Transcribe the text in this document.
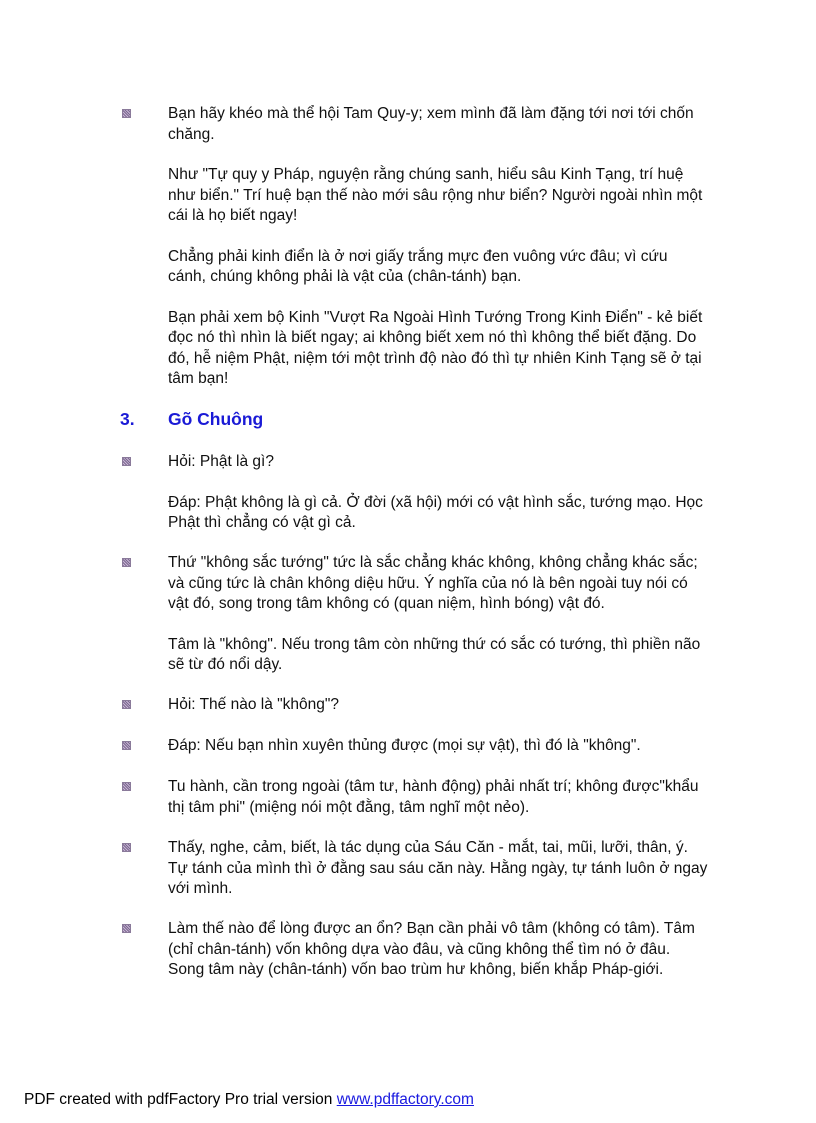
Bạn hãy khéo mà thể hội Tam Quy-y; xem mình đã làm đặng tới nơi tới chốn chăng.

Như "Tự quy y Pháp, nguyện rằng chúng sanh, hiểu sâu Kinh Tạng, trí huệ như biển." Trí huệ bạn thế nào mới sâu rộng như biển? Người ngoài nhìn một cái là họ biết ngay!

Chẳng phải kinh điển là ở nơi giấy trắng mực đen vuông vức đâu; vì cứu cánh, chúng không phải là vật của (chân-tánh) bạn.

Bạn phải xem bộ Kinh "Vượt Ra Ngoài Hình Tướng Trong Kinh Điển" - kẻ biết đọc nó thì nhìn là biết ngay; ai không biết xem nó thì không thể biết đặng. Do đó, hễ niệm Phật, niệm tới một trình độ nào đó thì tự nhiên Kinh Tạng sẽ ở tại tâm bạn!

3. Gõ Chuông

Hỏi: Phật là gì?

Đáp: Phật không là gì cả. Ở đời (xã hội) mới có vật hình sắc, tướng mạo. Học Phật thì chẳng có vật gì cả.

Thứ "không sắc tướng" tức là sắc chẳng khác không, không chẳng khác sắc; và cũng tức là chân không diệu hữu. Ý nghĩa của nó là bên ngoài tuy nói có vật đó, song trong tâm không có (quan niệm, hình bóng) vật đó.

Tâm là "không". Nếu trong tâm còn những thứ có sắc có tướng, thì phiền não sẽ từ đó nổi dậy.

Hỏi: Thế nào là "không"?

Đáp: Nếu bạn nhìn xuyên thủng được (mọi sự vật), thì đó là "không".

Tu hành, cần trong ngoài (tâm tư, hành động) phải nhất trí; không được"khẩu thị tâm phi" (miệng nói một đằng, tâm nghĩ một nẻo).

Thấy, nghe, cảm, biết, là tác dụng của Sáu Căn - mắt, tai, mũi, lưỡi, thân, ý. Tự tánh của mình thì ở đằng sau sáu căn này. Hằng ngày, tự tánh luôn ở ngay với mình.

Làm thế nào để lòng được an ổn? Bạn cần phải vô tâm (không có tâm). Tâm (chỉ chân-tánh) vốn không dựa vào đâu, và cũng không thể tìm nó ở đâu. Song tâm này (chân-tánh) vốn bao trùm hư không, biến khắp Pháp-giới.

PDF created with pdfFactory Pro trial version www.pdffactory.com
